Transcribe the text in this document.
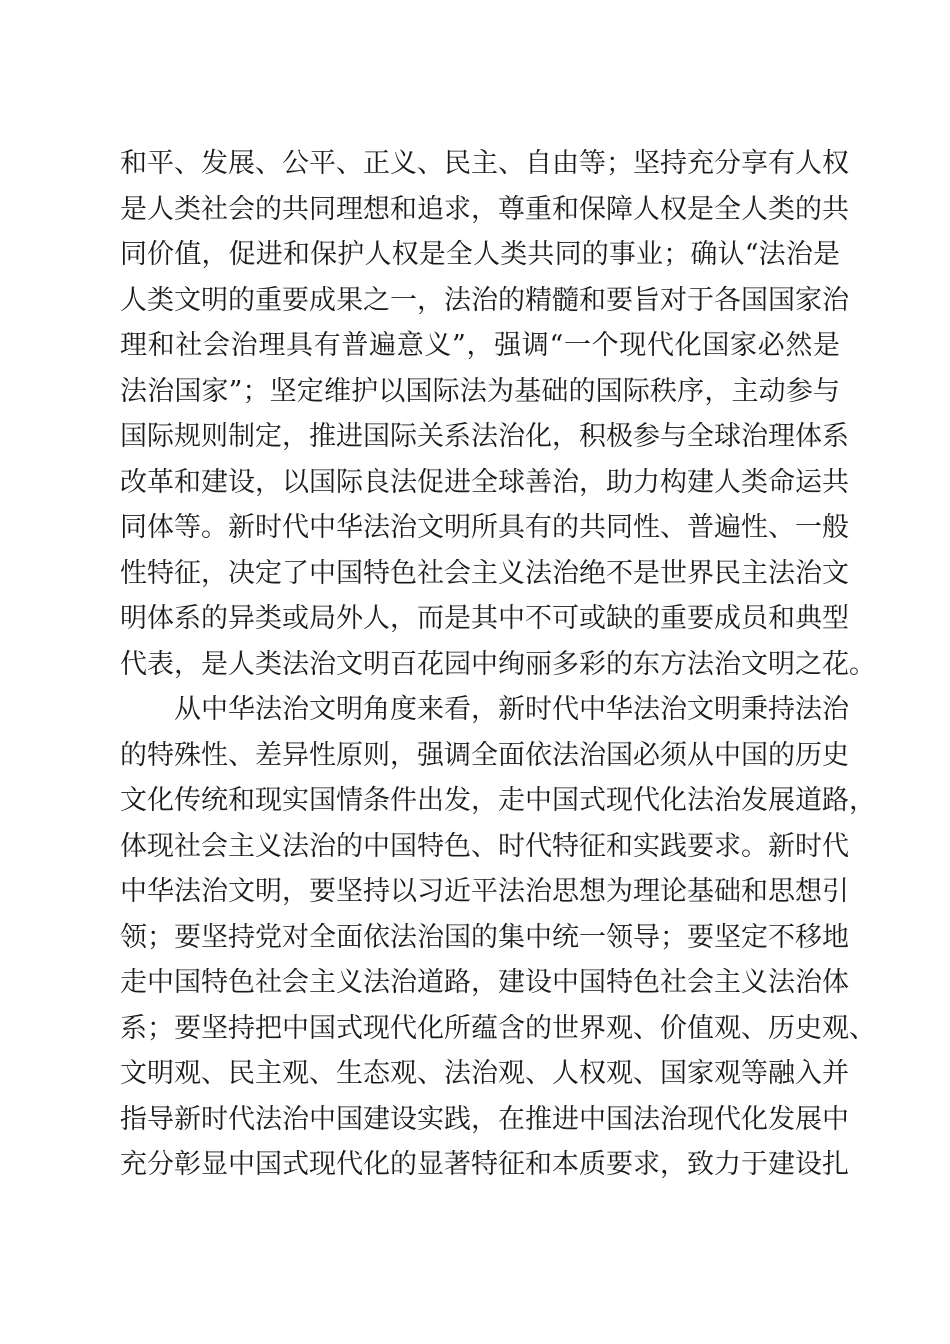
和平、发展、公平、正义、民主、自由等；坚持充分享有人权
是人类社会的共同理想和追求，尊重和保障人权是全人类的共
同价值，促进和保护人权是全人类共同的事业；确认“法治是
人类文明的重要成果之一，法治的精髓和要旨对于各国国家治
理和社会治理具有普遍意义”，强调“一个现代化国家必然是
法治国家”；坚定维护以国际法为基础的国际秩序，主动参与
国际规则制定，推进国际关系法治化，积极参与全球治理体系
改革和建设，以国际良法促进全球善治，助力构建人类命运共
同体等。新时代中华法治文明所具有的共同性、普遍性、一般
性特征，决定了中国特色社会主义法治绝不是世界民主法治文
明体系的异类或局外人，而是其中不可或缺的重要成员和典型
代表，是人类法治文明百花园中绚丽多彩的东方法治文明之花。
从中华法治文明角度来看，新时代中华法治文明秉持法治
的特殊性、差异性原则，强调全面依法治国必须从中国的历史
文化传统和现实国情条件出发，走中国式现代化法治发展道路，
体现社会主义法治的中国特色、时代特征和实践要求。新时代
中华法治文明，要坚持以习近平法治思想为理论基础和思想引
领；要坚持党对全面依法治国的集中统一领导；要坚定不移地
走中国特色社会主义法治道路，建设中国特色社会主义法治体
系；要坚持把中国式现代化所蕴含的世界观、价值观、历史观、
文明观、民主观、生态观、法治观、人权观、国家观等融入并
指导新时代法治中国建设实践，在推进中国法治现代化发展中
充分彰显中国式现代化的显著特征和本质要求，致力于建设扎
